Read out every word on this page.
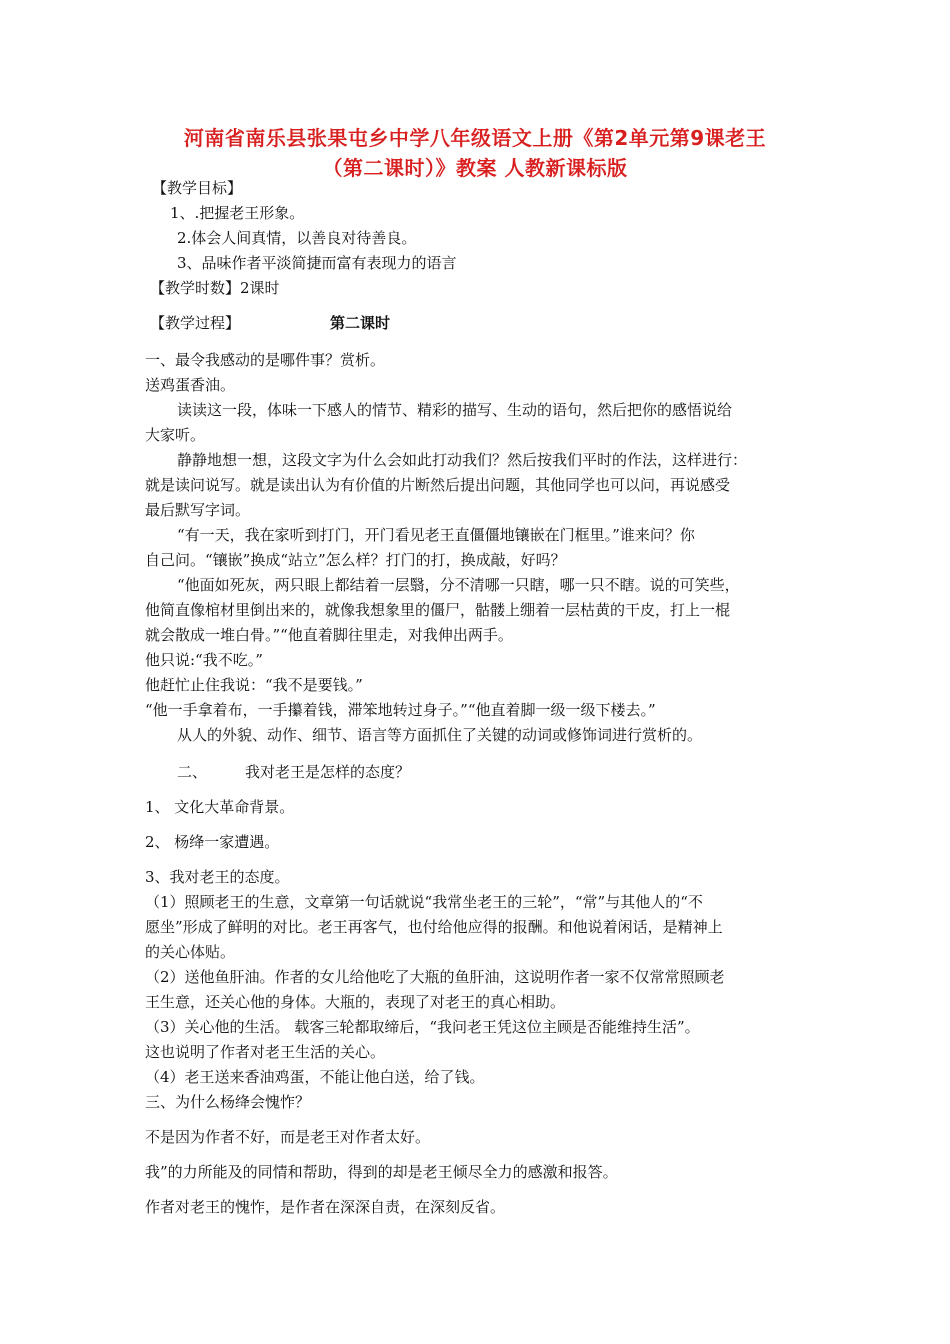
河南省南乐县张果屯乡中学八年级语文上册《第2单元第9课老王
（第二课时）》教案 人教新课标版
【教学目标】
1、.把握老王形象。
2.体会人间真情，以善良对待善良。
3、品味作者平淡简捷而富有表现力的语言
【教学时数】2课时
【教学过程】	第二课时
一、最令我感动的是哪件事？赏析。
送鸡蛋香油。
读读这一段，体味一下感人的情节、精彩的描写、生动的语句，然后把你的感悟说给
大家听。
静静地想一想，这段文字为什么会如此打动我们？然后按我们平时的作法，这样进行：
就是读问说写。就是读出认为有价值的片断然后提出问题，其他同学也可以问，再说感受
最后默写字词。
“有一天，我在家听到打门，开门看见老王直僵僵地镶嵌在门框里。”谁来问？你
自己问。“镶嵌”换成“站立”怎么样？打门的打，换成敲，好吗？
“他面如死灰，两只眼上都结着一层翳，分不清哪一只瞎，哪一只不瞎。说的可笑些，
他简直像棺材里倒出来的，就像我想象里的僵尸，骷髅上绷着一层枯黄的干皮，打上一棍
就会散成一堆白骨。”“他直着脚往里走，对我伸出两手。
他只说:“我不吃。”
他赶忙止住我说：“我不是要钱。”
“他一手拿着布，一手攥着钱，滞笨地转过身子。”“他直着脚一级一级下楼去。”
从人的外貌、动作、细节、语言等方面抓住了关键的动词或修饰词进行赏析的。
二、	我对老王是怎样的态度？
1、 文化大革命背景。
2、 杨绛一家遭遇。
3、我对老王的态度。
（1）照顾老王的生意，文章第一句话就说“我常坐老王的三轮”，“常”与其他人的“不
愿坐”形成了鲜明的对比。老王再客气，也付给他应得的报酬。和他说着闲话，是精神上
的关心体贴。
（2）送他鱼肝油。作者的女儿给他吃了大瓶的鱼肝油，这说明作者一家不仅常常照顾老
王生意，还关心他的身体。大瓶的，表现了对老王的真心相助。
（3）关心他的生活。 载客三轮都取缔后，“我问老王凭这位主顾是否能维持生活”。
这也说明了作者对老王生活的关心。
（4）老王送来香油鸡蛋，不能让他白送，给了钱。
三、为什么杨绛会愧怍？
不是因为作者不好，而是老王对作者太好。
我”的力所能及的同情和帮助，得到的却是老王倾尽全力的感激和报答。
作者对老王的愧怍，是作者在深深自责，在深刻反省。
